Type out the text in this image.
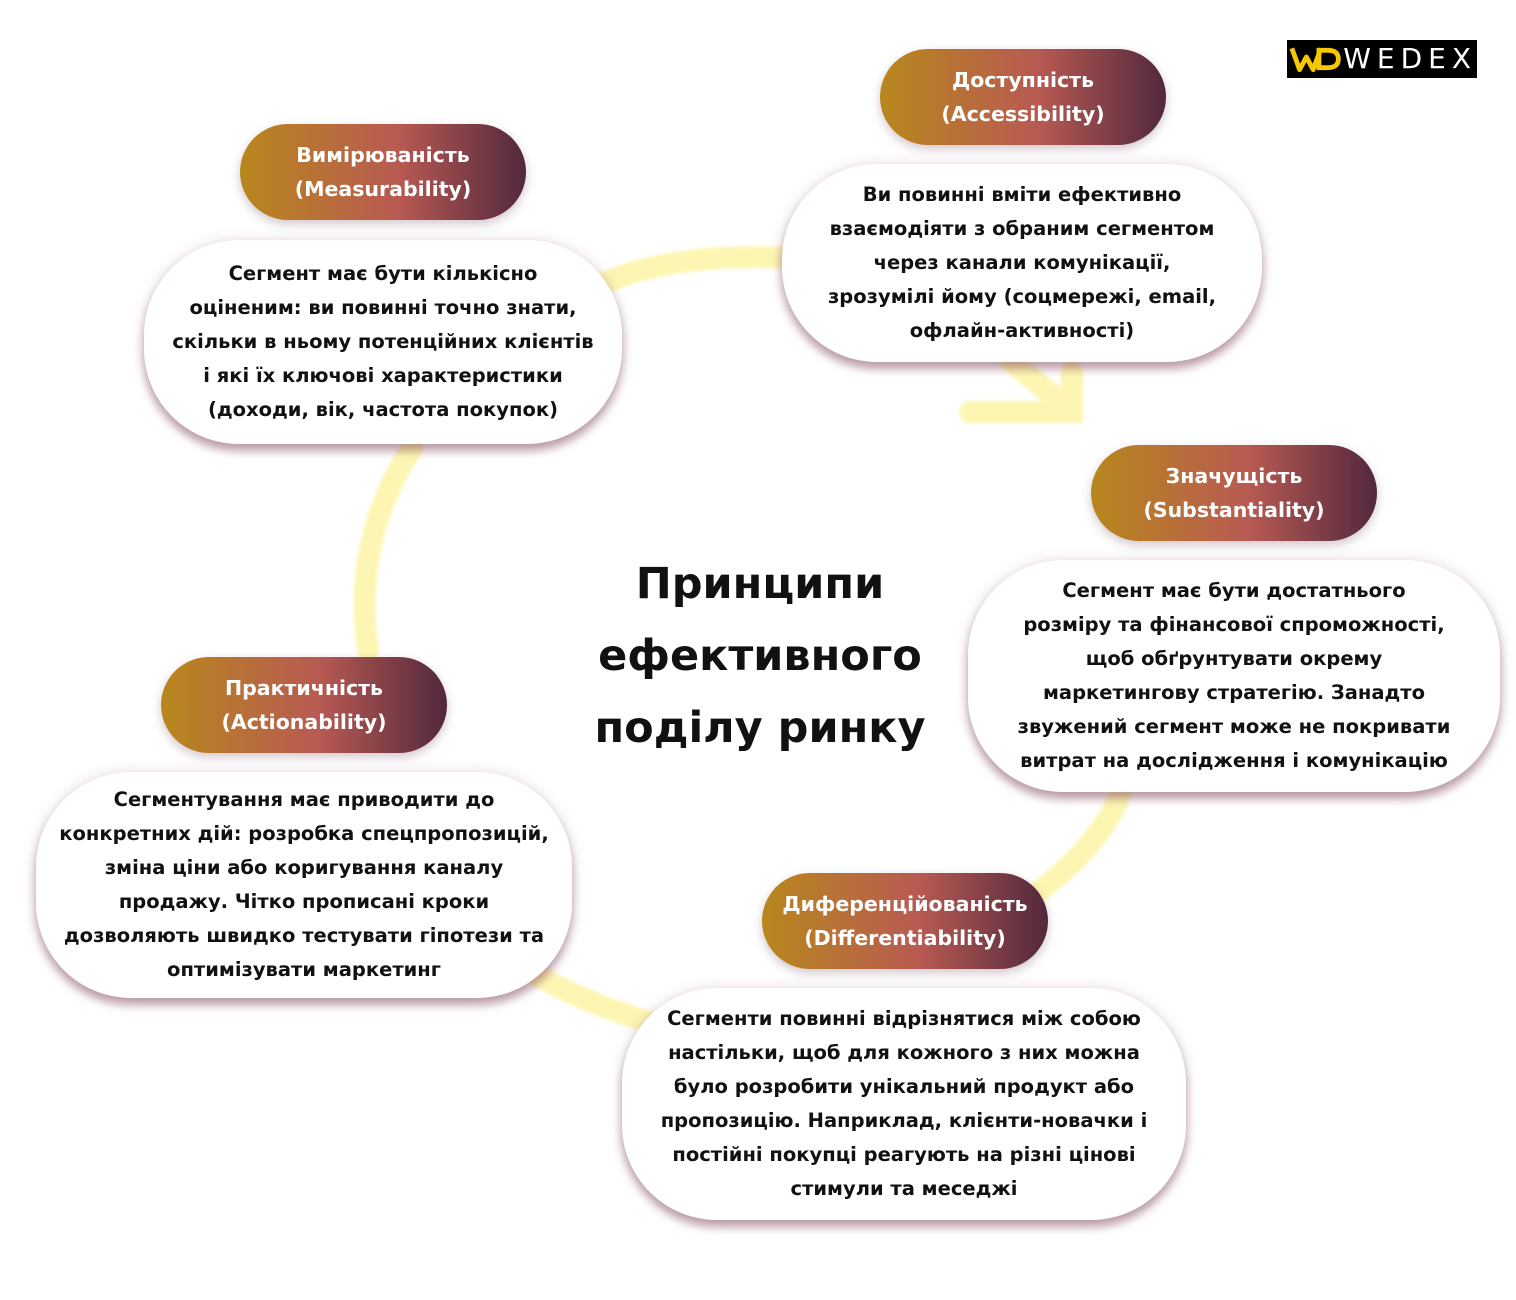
Принципи
ефективного
поділу ринку
WEDEX
Вимірюваність
(Measurability)
Сегмент має бути кількісно
оціненим: ви повинні точно знати,
скільки в ньому потенційних клієнтів
і які їх ключові характеристики
(доходи, вік, частота покупок)
Доступність
(Accessibility)
Ви повинні вміти ефективно
взаємодіяти з обраним сегментом
через канали комунікації,
зрозумілі йому (соцмережі, email,
офлайн-активності)
Значущість
(Substantiality)
Сегмент має бути достатнього
розміру та фінансової спроможності,
щоб обґрунтувати окрему
маркетингову стратегію. Занадто
звужений сегмент може не покривати
витрат на дослідження і комунікацію
Диференційованість
(Differentiability)
Сегменти повинні відрізнятися між собою
настільки, щоб для кожного з них можна
було розробити унікальний продукт або
пропозицію. Наприклад, клієнти-новачки і
постійні покупці реагують на різні цінові
стимули та меседжі
Практичність
(Actionability)
Сегментування має приводити до
конкретних дій: розробка спецпропозицій,
зміна ціни або коригування каналу
продажу. Чітко прописані кроки
дозволяють швидко тестувати гіпотези та
оптимізувати маркетинг
